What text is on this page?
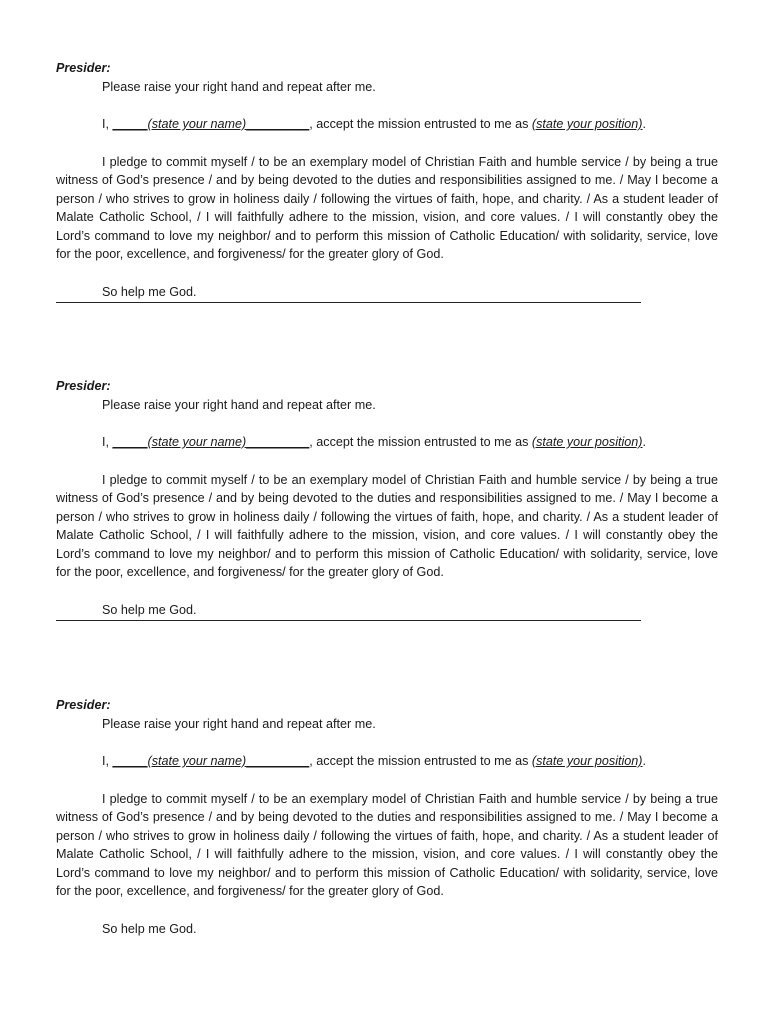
Presider:
Please raise your right hand and repeat after me.
I, _____(state your name)_________, accept the mission entrusted to me as (state your position).
I pledge to commit myself / to be an exemplary model of Christian Faith and humble service / by being a true witness of God’s presence / and by being devoted to the duties and responsibilities assigned to me. / May I become a person / who strives to grow in holiness daily / following the virtues of faith, hope, and charity. / As a student leader of Malate Catholic School, / I will faithfully adhere to the mission, vision, and core values. / I will constantly obey the Lord’s command to love my neighbor/ and to perform this mission of Catholic Education/ with solidarity, service, love for the poor, excellence, and forgiveness/ for the greater glory of God.
So help me God.
Presider:
Please raise your right hand and repeat after me.
I, _____(state your name)_________, accept the mission entrusted to me as (state your position).
I pledge to commit myself / to be an exemplary model of Christian Faith and humble service / by being a true witness of God’s presence / and by being devoted to the duties and responsibilities assigned to me. / May I become a person / who strives to grow in holiness daily / following the virtues of faith, hope, and charity. / As a student leader of Malate Catholic School, / I will faithfully adhere to the mission, vision, and core values. / I will constantly obey the Lord’s command to love my neighbor/ and to perform this mission of Catholic Education/ with solidarity, service, love for the poor, excellence, and forgiveness/ for the greater glory of God.
So help me God.
Presider:
Please raise your right hand and repeat after me.
I, _____(state your name)_________, accept the mission entrusted to me as (state your position).
I pledge to commit myself / to be an exemplary model of Christian Faith and humble service / by being a true witness of God’s presence / and by being devoted to the duties and responsibilities assigned to me. / May I become a person / who strives to grow in holiness daily / following the virtues of faith, hope, and charity. / As a student leader of Malate Catholic School, / I will faithfully adhere to the mission, vision, and core values. / I will constantly obey the Lord’s command to love my neighbor/ and to perform this mission of Catholic Education/ with solidarity, service, love for the poor, excellence, and forgiveness/ for the greater glory of God.
So help me God.
